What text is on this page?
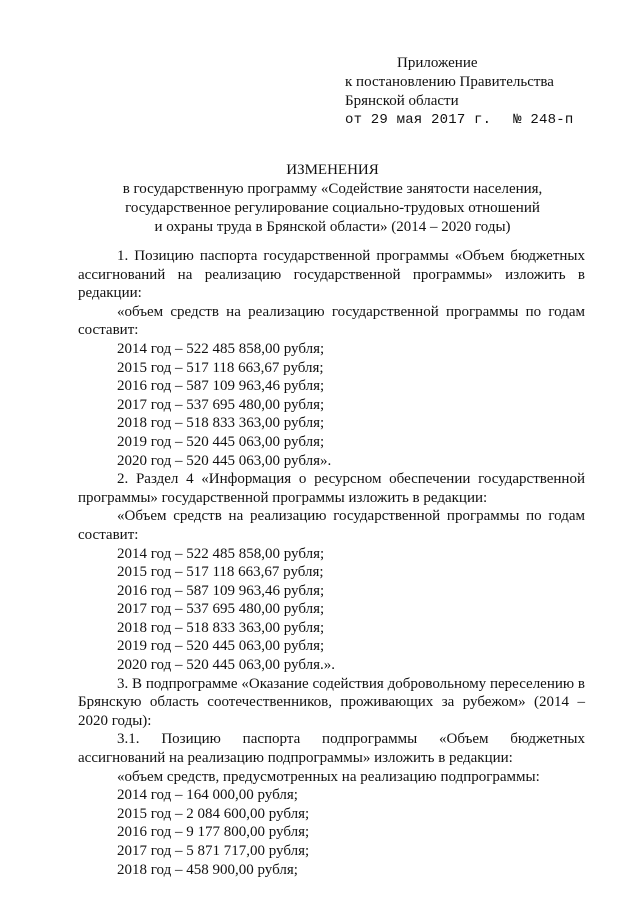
Приложение
к постановлению Правительства
Брянской области
от 29 мая 2017 г. № 248-п
ИЗМЕНЕНИЯ
в государственную программу «Содействие занятости населения,
государственное регулирование социально-трудовых отношений
и охраны труда в Брянской области» (2014 – 2020 годы)
1. Позицию паспорта государственной программы «Объем бюджетных ассигнований на реализацию государственной программы» изложить в редакции:
«объем средств на реализацию государственной программы по годам составит:
2014 год – 522 485 858,00 рубля;
2015 год – 517 118 663,67 рубля;
2016 год – 587 109 963,46 рубля;
2017 год – 537 695 480,00 рубля;
2018 год – 518 833 363,00 рубля;
2019 год – 520 445 063,00 рубля;
2020 год – 520 445 063,00 рубля».
2. Раздел 4 «Информация о ресурсном обеспечении государственной программы» государственной программы изложить в редакции:
«Объем средств на реализацию государственной программы по годам составит:
2014 год – 522 485 858,00 рубля;
2015 год – 517 118 663,67 рубля;
2016 год – 587 109 963,46 рубля;
2017 год – 537 695 480,00 рубля;
2018 год – 518 833 363,00 рубля;
2019 год – 520 445 063,00 рубля;
2020 год – 520 445 063,00 рубля.».
3. В подпрограмме «Оказание содействия добровольному переселению в Брянскую область соотечественников, проживающих за рубежом» (2014 – 2020 годы):
3.1. Позицию паспорта подпрограммы «Объем бюджетных ассигнований на реализацию подпрограммы» изложить в редакции:
«объем средств, предусмотренных на реализацию подпрограммы:
2014 год – 164 000,00 рубля;
2015 год – 2 084 600,00 рубля;
2016 год – 9 177 800,00 рубля;
2017 год – 5 871 717,00 рубля;
2018 год – 458 900,00 рубля;
